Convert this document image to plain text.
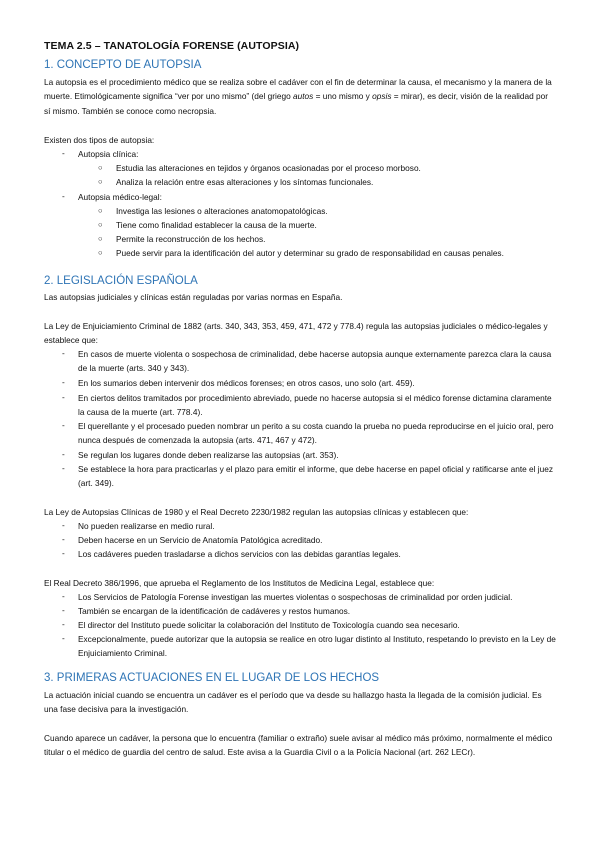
TEMA 2.5 – TANATOLOGÍA FORENSE (AUTOPSIA)
1. CONCEPTO DE AUTOPSIA
La autopsia es el procedimiento médico que se realiza sobre el cadáver con el fin de determinar la causa, el mecanismo y la manera de la muerte. Etimológicamente significa “ver por uno mismo” (del griego autos = uno mismo y opsis = mirar), es decir, visión de la realidad por sí mismo. También se conoce como necropsia.
Existen dos tipos de autopsia:
- Autopsia clínica:
○ Estudia las alteraciones en tejidos y órganos ocasionadas por el proceso morboso.
○ Analiza la relación entre esas alteraciones y los síntomas funcionales.
- Autopsia médico-legal:
○ Investiga las lesiones o alteraciones anatomopatológicas.
○ Tiene como finalidad establecer la causa de la muerte.
○ Permite la reconstrucción de los hechos.
○ Puede servir para la identificación del autor y determinar su grado de responsabilidad en causas penales.
2. LEGISLACIÓN ESPAÑOLA
Las autopsias judiciales y clínicas están reguladas por varias normas en España.
La Ley de Enjuiciamiento Criminal de 1882 (arts. 340, 343, 353, 459, 471, 472 y 778.4) regula las autopsias judiciales o médico-legales y establece que:
- En casos de muerte violenta o sospechosa de criminalidad, debe hacerse autopsia aunque externamente parezca clara la causa de la muerte (arts. 340 y 343).
- En los sumarios deben intervenir dos médicos forenses; en otros casos, uno solo (art. 459).
- En ciertos delitos tramitados por procedimiento abreviado, puede no hacerse autopsia si el médico forense dictamina claramente la causa de la muerte (art. 778.4).
- El querellante y el procesado pueden nombrar un perito a su costa cuando la prueba no pueda reproducirse en el juicio oral, pero nunca después de comenzada la autopsia (arts. 471, 467 y 472).
- Se regulan los lugares donde deben realizarse las autopsias (art. 353).
- Se establece la hora para practicarlas y el plazo para emitir el informe, que debe hacerse en papel oficial y ratificarse ante el juez (art. 349).
La Ley de Autopsias Clínicas de 1980 y el Real Decreto 2230/1982 regulan las autopsias clínicas y establecen que:
- No pueden realizarse en medio rural.
- Deben hacerse en un Servicio de Anatomía Patológica acreditado.
- Los cadáveres pueden trasladarse a dichos servicios con las debidas garantías legales.
El Real Decreto 386/1996, que aprueba el Reglamento de los Institutos de Medicina Legal, establece que:
- Los Servicios de Patología Forense investigan las muertes violentas o sospechosas de criminalidad por orden judicial.
- También se encargan de la identificación de cadáveres y restos humanos.
- El director del Instituto puede solicitar la colaboración del Instituto de Toxicología cuando sea necesario.
- Excepcionalmente, puede autorizar que la autopsia se realice en otro lugar distinto al Instituto, respetando lo previsto en la Ley de Enjuiciamiento Criminal.
3. PRIMERAS ACTUACIONES EN EL LUGAR DE LOS HECHOS
La actuación inicial cuando se encuentra un cadáver es el período que va desde su hallazgo hasta la llegada de la comisión judicial. Es una fase decisiva para la investigación.
Cuando aparece un cadáver, la persona que lo encuentra (familiar o extraño) suele avisar al médico más próximo, normalmente el médico titular o el médico de guardia del centro de salud. Este avisa a la Guardia Civil o a la Policía Nacional (art. 262 LECr).
